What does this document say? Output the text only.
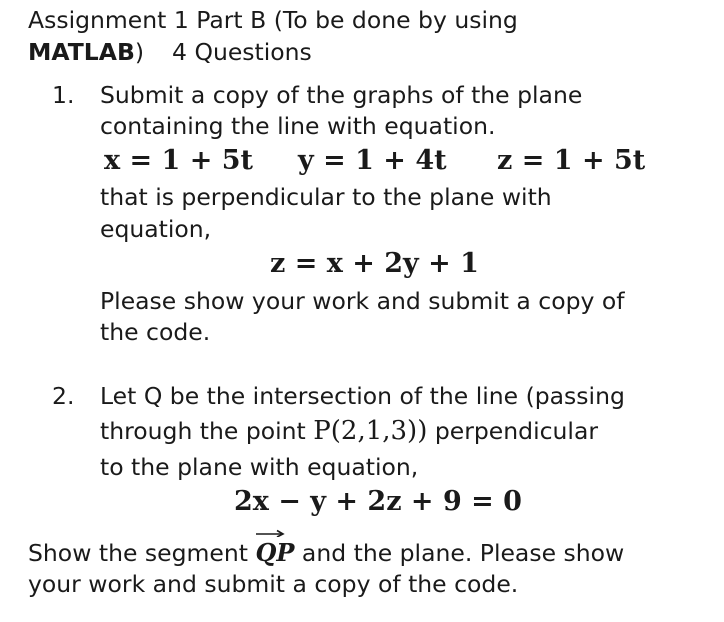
Assignment 1 Part B (To be done by using
MATLAB) 4 Questions
1. Submit a copy of the graphs of the plane
containing the line with equation.
x = 1 + 5t y = 1 + 4t z = 1 + 5t
that is perpendicular to the plane with
equation,
z = x + 2y + 1
Please show your work and submit a copy of
the code.
2. Let Q be the intersection of the line (passing
through the point P(2,1,3)) perpendicular
to the plane with equation,
2x − y + 2z + 9 = 0
Show the segment QP and the plane. Please show
your work and submit a copy of the code.
